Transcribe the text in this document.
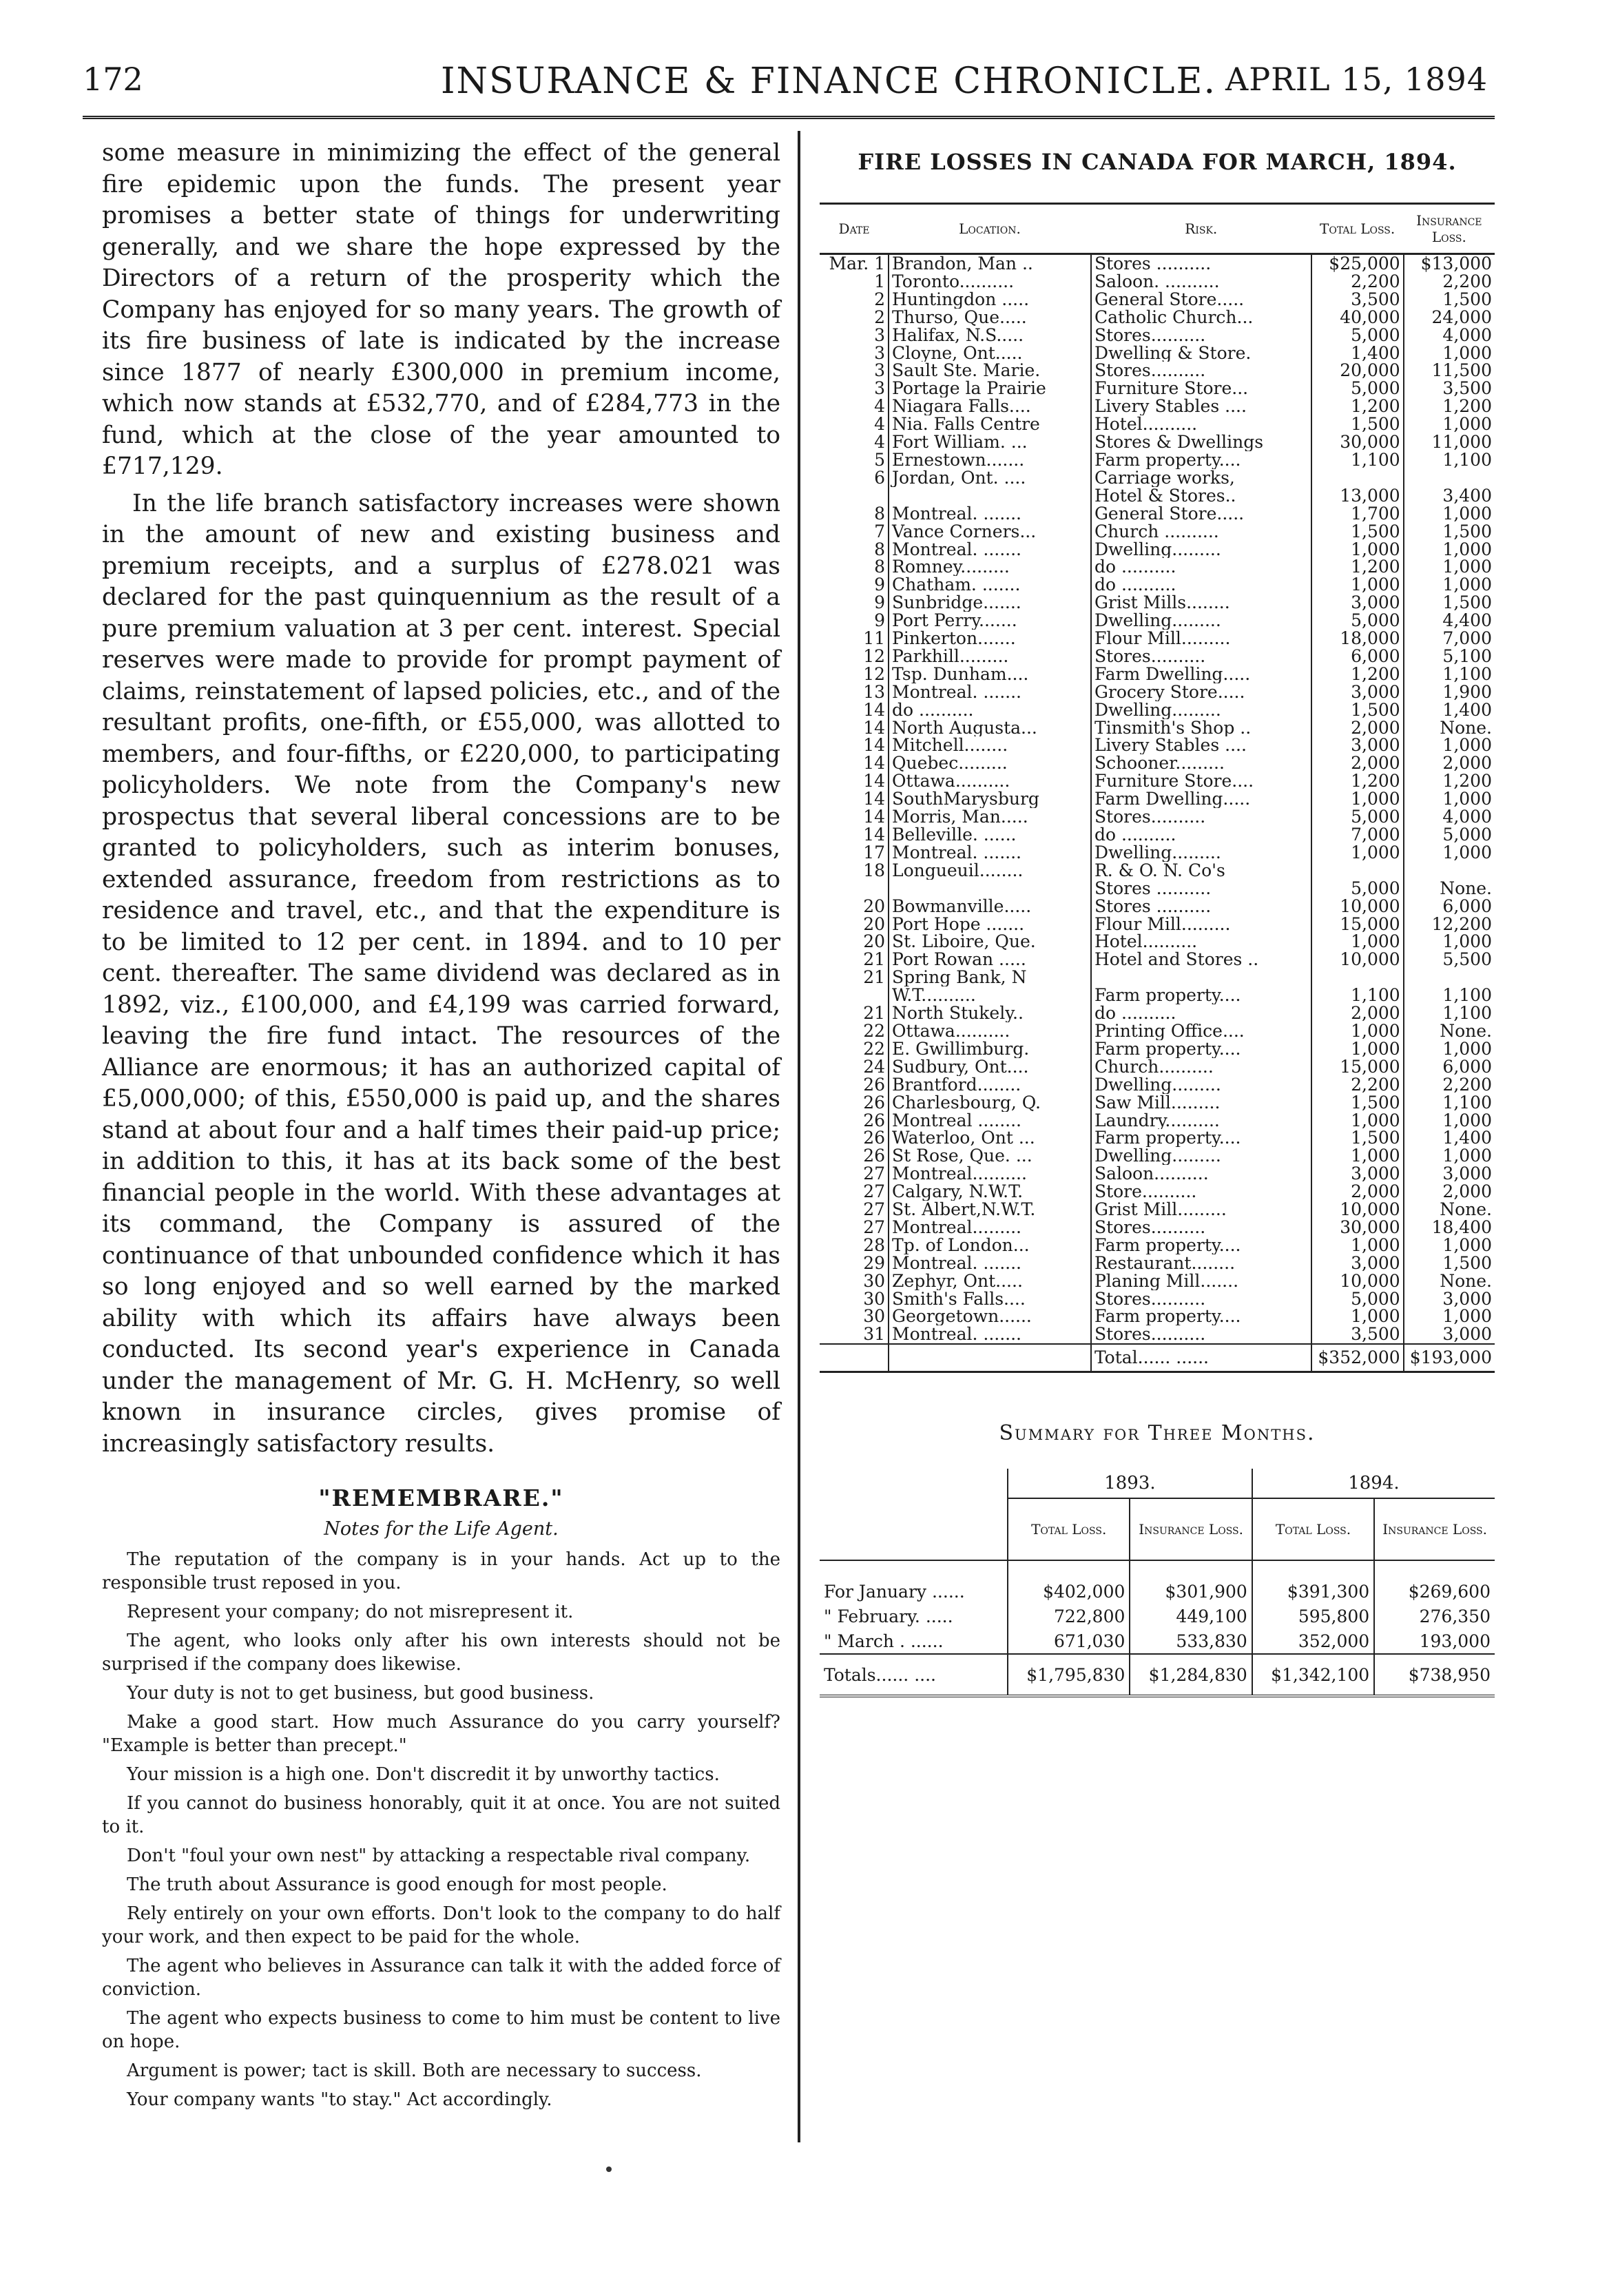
172	INSURANCE & FINANCE CHRONICLE. APRIL 15, 1894

some measure in minimizing the effect of the general fire epidemic upon the funds. The present year promises a better state of things for underwriting generally, and we share the hope expressed by the Directors of a return of the prosperity which the Company has enjoyed for so many years. The growth of its fire business of late is indicated by the increase since 1877 of nearly £300,000 in premium income, which now stands at £532,770, and of £284,773 in the fund, which at the close of the year amounted to £717,129.

In the life branch satisfactory increases were shown in the amount of new and existing business and premium receipts, and a surplus of £278.021 was declared for the past quinquennium as the result of a pure premium valuation at 3 per cent. interest. Special reserves were made to provide for prompt payment of claims, reinstatement of lapsed policies, etc., and of the resultant profits, one-fifth, or £55,000, was allotted to members, and four-fifths, or £220,000, to participating policyholders. We note from the Company's new prospectus that several liberal concessions are to be granted to policyholders, such as interim bonuses, extended assurance, freedom from restrictions as to residence and travel, etc., and that the expenditure is to be limited to 12 per cent. in 1894. and to 10 per cent. thereafter. The same dividend was declared as in 1892, viz., £100,000, and £4,199 was carried forward, leaving the fire fund intact. The resources of the Alliance are enormous; it has an authorized capital of £5,000,000; of this, £550,000 is paid up, and the shares stand at about four and a half times their paid-up price; in addition to this, it has at its back some of the best financial people in the world. With these advantages at its command, the Company is assured of the continuance of that unbounded confidence which it has so long enjoyed and so well earned by the marked ability with which its affairs have always been conducted. Its second year's experience in Canada under the management of Mr. G. H. McHenry, so well known in insurance circles, gives promise of increasingly satisfactory results.

"REMEMBRARE."
Notes for the Life Agent.

The reputation of the company is in your hands. Act up to the responsible trust reposed in you.

Represent your company; do not misrepresent it.

The agent, who looks only after his own interests should not be surprised if the company does likewise.

Your duty is not to get business, but good business.

Make a good start. How much Assurance do you carry yourself? "Example is better than precept."

Your mission is a high one. Don't discredit it by unworthy tactics.

If you cannot do business honorably, quit it at once. You are not suited to it.

Don't "foul your own nest" by attacking a respectable rival company.

The truth about Assurance is good enough for most people.

Rely entirely on your own efforts. Don't look to the company to do half your work, and then expect to be paid for the whole.

The agent who believes in Assurance can talk it with the added force of conviction.

The agent who expects business to come to him must be content to live on hope.

Argument is power; tact is skill. Both are necessary to success.

Your company wants "to stay." Act accordingly.

FIRE LOSSES IN CANADA FOR MARCH, 1894.
Date	Location.	Risk.	Total Loss.	Insurance Loss.
Mar. 1	Brandon, Man ..	Stores ..........	$25,000	$13,000
1	Toronto..........	Saloon. ..........	2,200	2,200
2	Huntingdon .....	General Store.....	3,500	1,500
2	Thurso, Que.....	Catholic Church...	40,000	24,000
3	Halifax, N.S.....	Stores..........	5,000	4,000
3	Cloyne, Ont.....	Dwelling & Store.	1,400	1,000
3	Sault Ste. Marie.	Stores..........	20,000	11,500
3	Portage la Prairie	Furniture Store...	5,000	3,500
4	Niagara Falls....	Livery Stables ....	1,200	1,200
4	Nia. Falls Centre	Hotel..........	1,500	1,000
4	Fort William. ...	Stores & Dwellings	30,000	11,000
5	Ernestown.......	Farm property....	1,100	1,100
6	Jordan, Ont. ....	Carriage works,		
		Hotel & Stores..	13,000	3,400
8	Montreal. .......	General Store.....	1,700	1,000
7	Vance Corners...	Church ..........	1,500	1,500
8	Montreal. .......	Dwelling.........	1,000	1,000
8	Romney.........	do ..........	1,200	1,000
9	Chatham. .......	do ..........	1,000	1,000
9	Sunbridge.......	Grist Mills........	3,000	1,500
9	Port Perry.......	Dwelling.........	5,000	4,400
11	Pinkerton.......	Flour Mill.........	18,000	7,000
12	Parkhill.........	Stores..........	6,000	5,100
12	Tsp. Dunham....	Farm Dwelling.....	1,200	1,100
13	Montreal. .......	Grocery Store.....	3,000	1,900
14	do ..........	Dwelling.........	1,500	1,400
14	North Augusta...	Tinsmith's Shop ..	2,000	None.
14	Mitchell........	Livery Stables ....	3,000	1,000
14	Quebec.........	Schooner.........	2,000	2,000
14	Ottawa..........	Furniture Store....	1,200	1,200
14	SouthMarysburg	Farm Dwelling.....	1,000	1,000
14	Morris, Man.....	Stores..........	5,000	4,000
14	Belleville. ......	do ..........	7,000	5,000
17	Montreal. .......	Dwelling.........	1,000	1,000
18	Longueuil........	R. & O. N. Co's		
		Stores ..........	5,000	None.
20	Bowmanville.....	Stores ..........	10,000	6,000
20	Port Hope .......	Flour Mill.........	15,000	12,200
20	St. Liboire, Que.	Hotel..........	1,000	1,000
21	Port Rowan .....	Hotel and Stores ..	10,000	5,500
21	Spring Bank, N			
	W.T..........	Farm property....	1,100	1,100
21	North Stukely..	do ..........	2,000	1,100
22	Ottawa..........	Printing Office....	1,000	None.
22	E. Gwillimburg.	Farm property....	1,000	1,000
24	Sudbury, Ont....	Church..........	15,000	6,000
26	Brantford........	Dwelling.........	2,200	2,200
26	Charlesbourg, Q.	Saw Mill.........	1,500	1,100
26	Montreal ........	Laundry..........	1,000	1,000
26	Waterloo, Ont ...	Farm property....	1,500	1,400
26	St Rose, Que. ...	Dwelling.........	1,000	1,000
27	Montreal..........	Saloon..........	3,000	3,000
27	Calgary, N.W.T.	Store..........	2,000	2,000
27	St. Albert,N.W.T.	Grist Mill.........	10,000	None.
27	Montreal.........	Stores..........	30,000	18,400
28	Tp. of London...	Farm property....	1,000	1,000
29	Montreal. .......	Restaurant........	3,000	1,500
30	Zephyr, Ont.....	Planing Mill.......	10,000	None.
30	Smith's Falls....	Stores..........	5,000	3,000
30	Georgetown......	Farm property....	1,000	1,000
31	Montreal. .......	Stores..........	3,500	3,000
		Total...... ......	$352,000	$193,000
Summary for Three Months.
	1893.		1894.	
	Total Loss.	Insurance Loss.	Total Loss.	Insurance Loss.
For January ......	$402,000	$301,900	$391,300	$269,600
" February. .....	722,800	449,100	595,800	276,350
" March . ......	671,030	533,830	352,000	193,000
Totals...... ....	$1,795,830	$1,284,830	$1,342,100	$738,950
